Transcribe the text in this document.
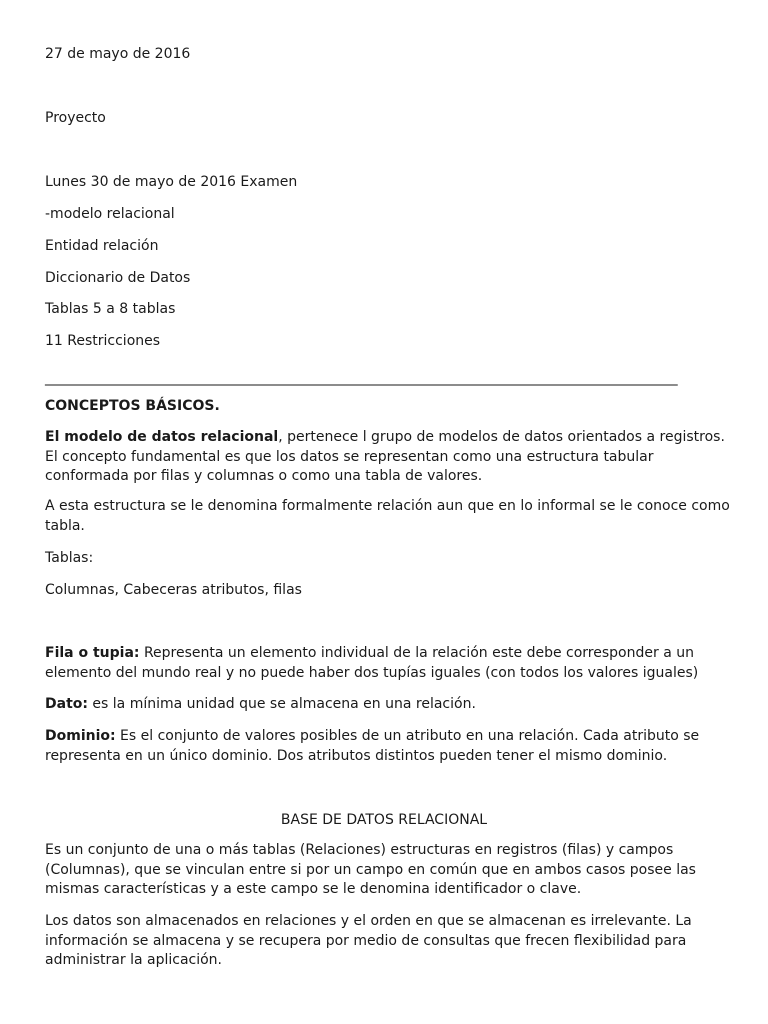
27 de mayo de 2016
Proyecto
Lunes 30 de mayo de 2016 Examen
-modelo relacional
Entidad relación
Diccionario de Datos
Tablas 5 a 8 tablas
11 Restricciones
_____________________________________________________________________________________________
CONCEPTOS BÁSICOS.
El modelo de datos relacional, pertenece l grupo de modelos de datos orientados a registros. El concepto fundamental es que los datos se representan como una estructura tabular conformada por filas y columnas o como una tabla de valores.
A esta estructura se le denomina formalmente relación aun que en lo informal se le conoce como tabla.
Tablas:
Columnas, Cabeceras atributos, filas
Fila o tupia: Representa un elemento individual de la relación este debe corresponder a un elemento del mundo real y no puede haber dos tupías iguales (con todos los valores iguales)
Dato: es la mínima unidad que se almacena en una relación.
Dominio: Es el conjunto de valores posibles de un atributo en una relación. Cada atributo se representa en un único dominio. Dos atributos distintos pueden tener el mismo dominio.
BASE DE DATOS RELACIONAL
Es un conjunto de una o más tablas (Relaciones) estructuras en registros (filas) y campos (Columnas), que se vinculan entre si por un campo en común que en ambos casos posee las mismas características y a este campo se le denomina identificador o clave.
Los datos son almacenados en relaciones y el orden en que se almacenan es irrelevante. La información se almacena y se recupera por medio de consultas que frecen flexibilidad para administrar la aplicación.
